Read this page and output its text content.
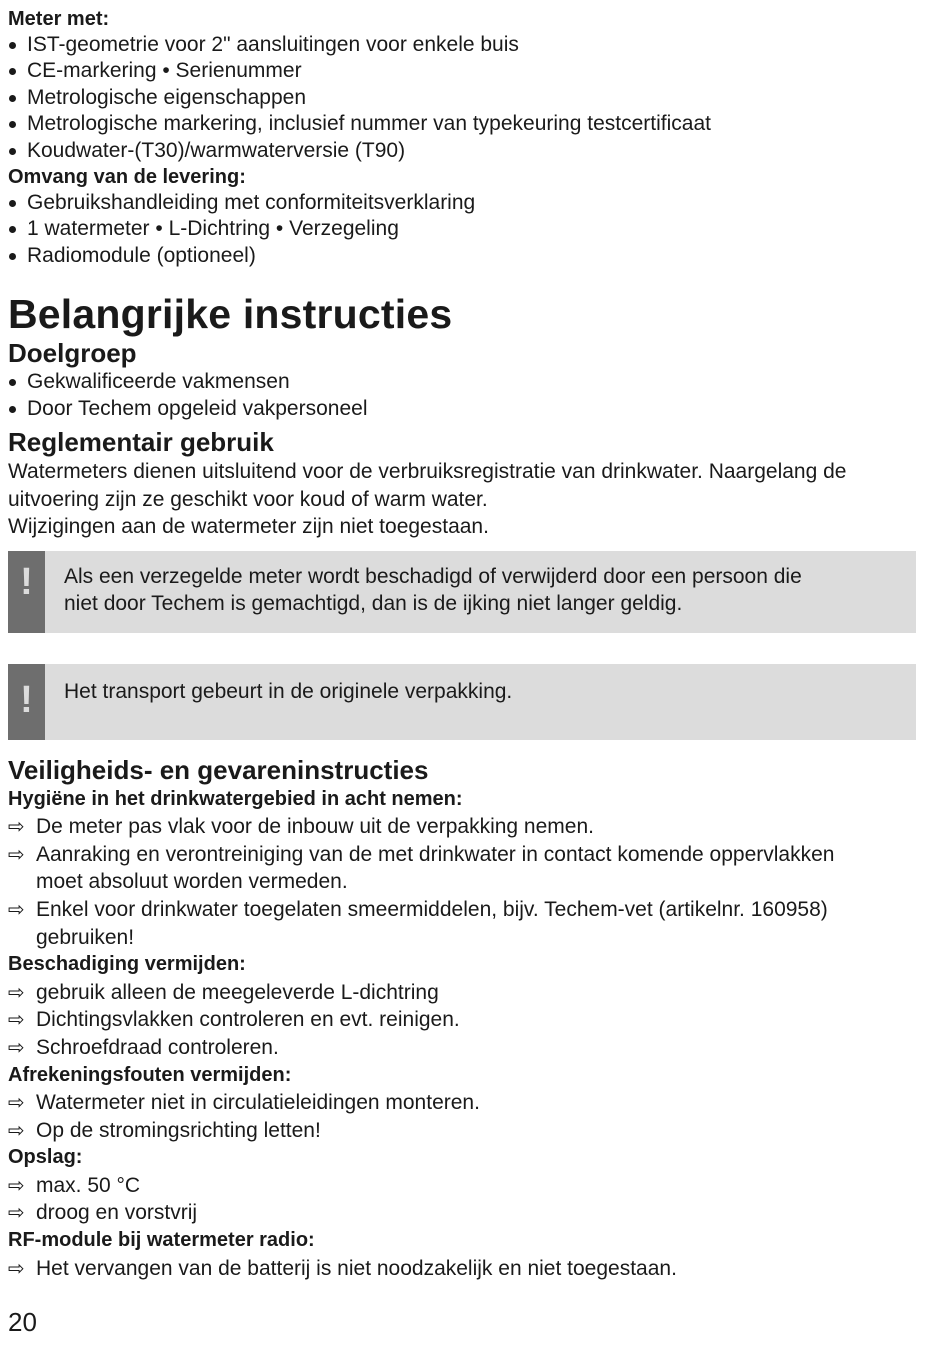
Meter met:

IST-geometrie voor 2" aansluitingen voor enkele buis
CE-markering • Serienummer
Metrologische eigenschappen
Metrologische markering, inclusief nummer van typekeuring testcertificaat
Koudwater-(T30)/warmwaterversie (T90)

Omvang van de levering:

Gebruikshandleiding met conformiteitsverklaring
1 watermeter • L-Dichtring • Verzegeling
Radiomodule (optioneel)
Belangrijke instructies
Doelgroep
Gekwalificeerde vakmensen
Door Techem opgeleid vakpersoneel
Reglementair gebruik

Watermeters dienen uitsluitend voor de verbruiksregistratie van drinkwater. Naargelang de

uitvoering zijn ze geschikt voor koud of warm water.

Wijzigingen aan de watermeter zijn niet toegestaan.

!	Als een verzegelde meter wordt beschadigd of verwijderd door een persoon die
niet door Techem is gemachtigd, dan is de ijking niet langer geldig.
!	Het transport gebeurt in de originele verpakking.
Veiligheids- en gevareninstructies

Hygiëne in het drinkwatergebied in acht nemen:

⇨ De meter pas vlak voor de inbouw uit de verpakking nemen.
⇨ Aanraking en verontreiniging van de met drinkwater in contact komende oppervlakken
moet absoluut worden vermeden.
⇨ Enkel voor drinkwater toegelaten smeermiddelen, bijv. Techem-vet (artikelnr. 160958)
gebruiken!

Beschadiging vermijden:

⇨ gebruik alleen de meegeleverde L-dichtring
⇨ Dichtingsvlakken controleren en evt. reinigen.
⇨ Schroefdraad controleren.

Afrekeningsfouten vermijden:

⇨ Watermeter niet in circulatieleidingen monteren.
⇨ Op de stromingsrichting letten!

Opslag:

⇨ max. 50 °C
⇨ droog en vorstvrij

RF-module bij watermeter radio:

⇨ Het vervangen van de batterij is niet noodzakelijk en niet toegestaan.
20
